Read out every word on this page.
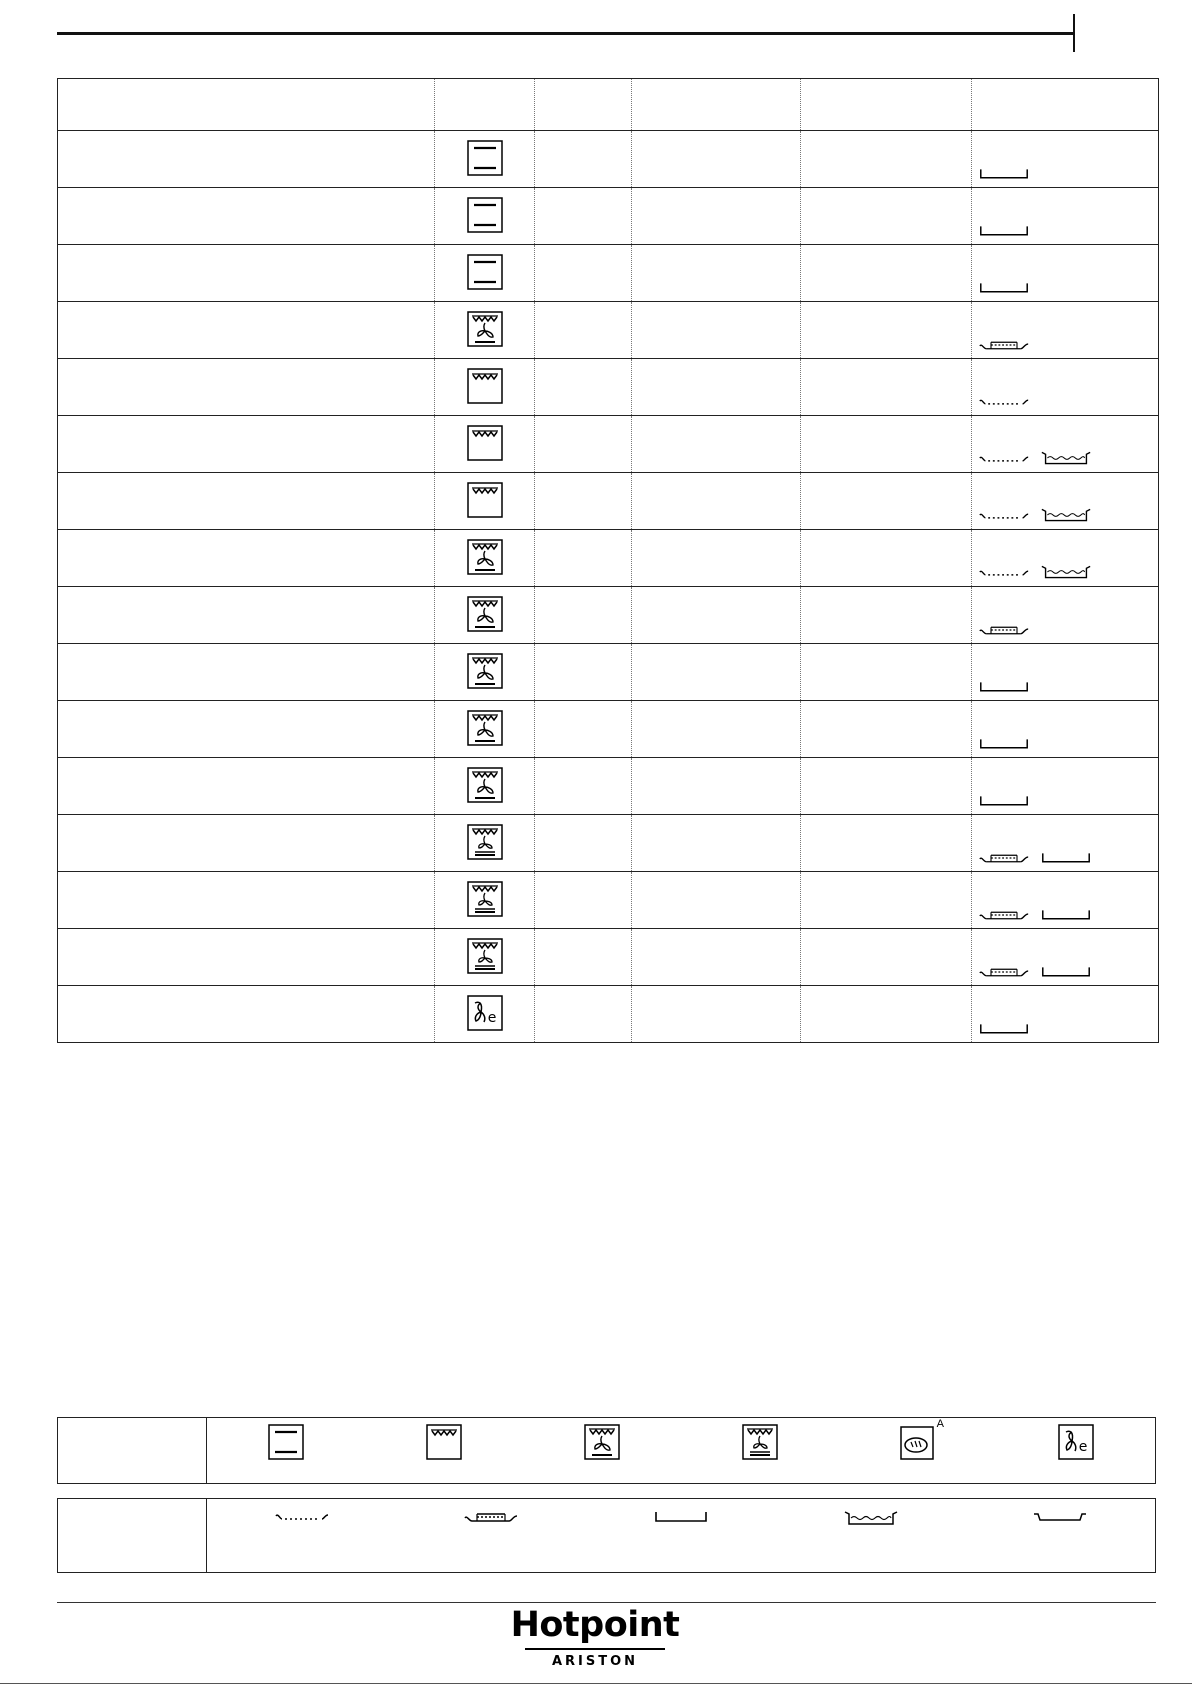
A
Hotpoint
ARISTON
